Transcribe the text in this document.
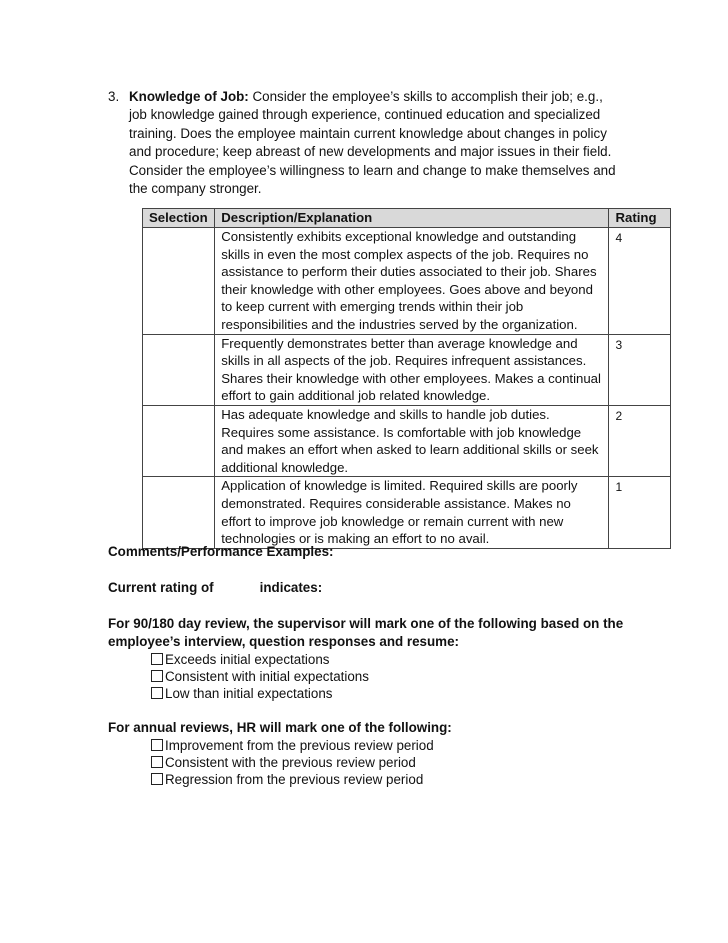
3. Knowledge of Job: Consider the employee’s skills to accomplish their job; e.g., job knowledge gained through experience, continued education and specialized training. Does the employee maintain current knowledge about changes in policy and procedure; keep abreast of new developments and major issues in their field. Consider the employee’s willingness to learn and change to make themselves and the company stronger.
Selection	Description/Explanation	Rating
	Consistently exhibits exceptional knowledge and outstanding skills in even the most complex aspects of the job. Requires no assistance to perform their duties associated to their job. Shares their knowledge with other employees. Goes above and beyond to keep current with emerging trends within their job responsibilities and the industries served by the organization.	4
	Frequently demonstrates better than average knowledge and skills in all aspects of the job. Requires infrequent assistances. Shares their knowledge with other employees. Makes a continual effort to gain additional job related knowledge.	3
	Has adequate knowledge and skills to handle job duties. Requires some assistance. Is comfortable with job knowledge and makes an effort when asked to learn additional skills or seek additional knowledge.	2
	Application of knowledge is limited. Required skills are poorly demonstrated. Requires considerable assistance. Makes no effort to improve job knowledge or remain current with new technologies or is making an effort to no avail.	1
Comments/Performance Examples:
Current rating of	indicates:
For 90/180 day review, the supervisor will mark one of the following based on the employee’s interview, question responses and resume:
Exceeds initial expectations
Consistent with initial expectations
Low than initial expectations
For annual reviews, HR will mark one of the following:
Improvement from the previous review period
Consistent with the previous review period
Regression from the previous review period
